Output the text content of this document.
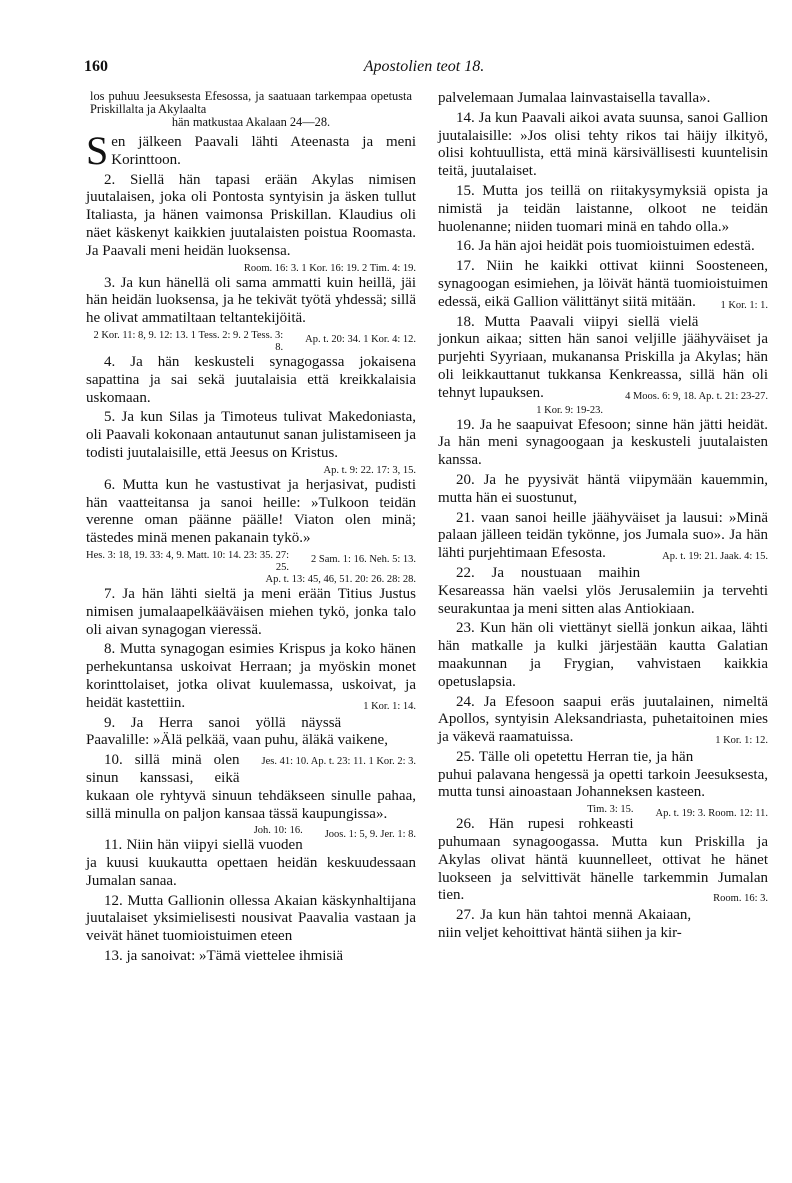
160	Apostolien teot 18.
los puhuu Jeesuksesta Efesossa, ja saatuaan tarkempaa opetusta Priskillalta ja Akylaalta
hän matkustaa Akalaan 24—28.

Sen jälkeen Paavali lähti Ateenasta ja meni Korinttoon.

2. Siellä hän tapasi erään Akylas nimisen juutalaisen, joka oli Pontosta syntyisin ja äsken tullut Italiasta, ja hänen vaimonsa Priskillan. Klaudius oli näet käskenyt kaikkien juutalaisten poistua Roomasta. Ja Paavali meni heidän luoksensa.

Room. 16: 3. 1 Kor. 16: 19. 2 Tim. 4: 19.

3. Ja kun hänellä oli sama ammatti kuin heillä, jäi hän heidän luoksensa, ja he tekivät työtä yhdessä; sillä he olivat ammatiltaan teltantekijöitä.
Ap. t. 20: 34. 1 Kor. 4: 12.

2 Kor. 11: 8, 9. 12: 13. 1 Tess. 2: 9. 2 Tess. 3: 8.

4. Ja hän keskusteli synagogassa jokaisena sapattina ja sai sekä juutalaisia että kreikkalaisia uskomaan.

5. Ja kun Silas ja Timoteus tulivat Makedoniasta, oli Paavali kokonaan antautunut sanan julistamiseen ja todisti juutalaisille, että Jeesus on Kristus.

Ap. t. 9: 22. 17: 3, 15.

6. Mutta kun he vastustivat ja herjasivat, pudisti hän vaatteitansa ja sanoi heille: »Tulkoon teidän verenne oman päänne päälle! Viaton olen minä; tästedes minä menen pakanain tykö.»
2 Sam. 1: 16. Neh. 5: 13.

Hes. 3: 18, 19. 33: 4, 9. Matt. 10: 14. 23: 35. 27: 25.
Ap. t. 13: 45, 46, 51. 20: 26. 28: 28.

7. Ja hän lähti sieltä ja meni erään Titius Justus nimisen jumalaapelkääväisen miehen tykö, jonka talo oli aivan synagogan vieressä.

8. Mutta synagogan esimies Krispus ja koko hänen perhekuntansa uskoivat Herraan; ja myöskin monet korinttolaiset, jotka olivat kuulemassa, uskoivat, ja heidät kastettiin.	1 Kor. 1: 14.

9. Ja Herra sanoi yöllä näyssä Paavalille: »Älä pelkää, vaan puhu, äläkä vaikene,
Jes. 41: 10. Ap. t. 23: 11. 1 Kor. 2: 3.

10. sillä minä olen sinun kanssasi, eikä kukaan ole ryhtyvä sinuun tehdäkseen sinulle pahaa, sillä minulla on paljon kansaa tässä kaupungissa».
Joos. 1: 5, 9. Jer. 1: 8.

Joh. 10: 16.

11. Niin hän viipyi siellä vuoden ja kuusi kuukautta opettaen heidän keskuudessaan Jumalan sanaa.

12. Mutta Gallionin ollessa Akaian käskynhaltijana juutalaiset yksimielisesti nousivat Paavalia vastaan ja veivät hänet tuomioistuimen eteen

13. ja sanoivat: »Tämä viettelee ihmisiä

palvelemaan Jumalaa lainvastaisella tavalla».

14. Ja kun Paavali aikoi avata suunsa, sanoi Gallion juutalaisille: »Jos olisi tehty rikos tai häijy ilkityö, olisi kohtuullista, että minä kärsivällisesti kuuntelisin teitä, juutalaiset.

15. Mutta jos teillä on riitakysymyksiä opista ja nimistä ja teidän laistanne, olkoot ne teidän huolenanne; niiden tuomari minä en tahdo olla.»

16. Ja hän ajoi heidät pois tuomioistuimen edestä.

17. Niin he kaikki ottivat kiinni Soosteneen, synagoogan esimiehen, ja löivät häntä tuomioistuimen edessä, eikä Gallion välittänyt siitä mitään.	1 Kor. 1: 1.

18. Mutta Paavali viipyi siellä vielä jonkun aikaa; sitten hän sanoi veljille jäähyväiset ja purjehti Syyriaan, mukanansa Priskilla ja Akylas; hän oli leikkauttanut tukkansa Kenkreassa, sillä hän oli tehnyt lupauksen.	4 Moos. 6: 9, 18. Ap. t. 21: 23-27.

1 Kor. 9: 19-23.

19. Ja he saapuivat Efesoon; sinne hän jätti heidät. Ja hän meni synagoogaan ja keskusteli juutalaisten kanssa.

20. Ja he pyysivät häntä viipymään kauemmin, mutta hän ei suostunut,

21. vaan sanoi heille jäähyväiset ja lausui: »Minä palaan jälleen teidän tykönne, jos Jumala suo». Ja hän lähti purjehtimaan Efesosta.	Ap. t. 19: 21. Jaak. 4: 15.

22. Ja noustuaan maihin Kesareassa hän vaelsi ylös Jerusalemiin ja tervehti seurakuntaa ja meni sitten alas Antiokiaan.

23. Kun hän oli viettänyt siellä jonkun aikaa, lähti hän matkalle ja kulki järjestään kautta Galatian maakunnan ja Frygian, vahvistaen kaikkia opetuslapsia.

24. Ja Efesoon saapui eräs juutalainen, nimeltä Apollos, syntyisin Aleksandriasta, puhetaitoinen mies ja väkevä raamatuissa.	1 Kor. 1: 12.

25. Tälle oli opetettu Herran tie, ja hän puhui palavana hengessä ja opetti tarkoin Jeesuksesta, mutta tunsi ainoastaan Johanneksen kasteen.
Ap. t. 19: 3. Room. 12: 11.

Tim. 3: 15.

26. Hän rupesi rohkeasti puhumaan synagoogassa. Mutta kun Priskilla ja Akylas olivat häntä kuunnelleet, ottivat he hänet luokseen ja selvittivät hänelle tarkemmin Jumalan tien.	Room. 16: 3.

27. Ja kun hän tahtoi mennä Akaiaan, niin veljet kehoittivat häntä siihen ja kir-
